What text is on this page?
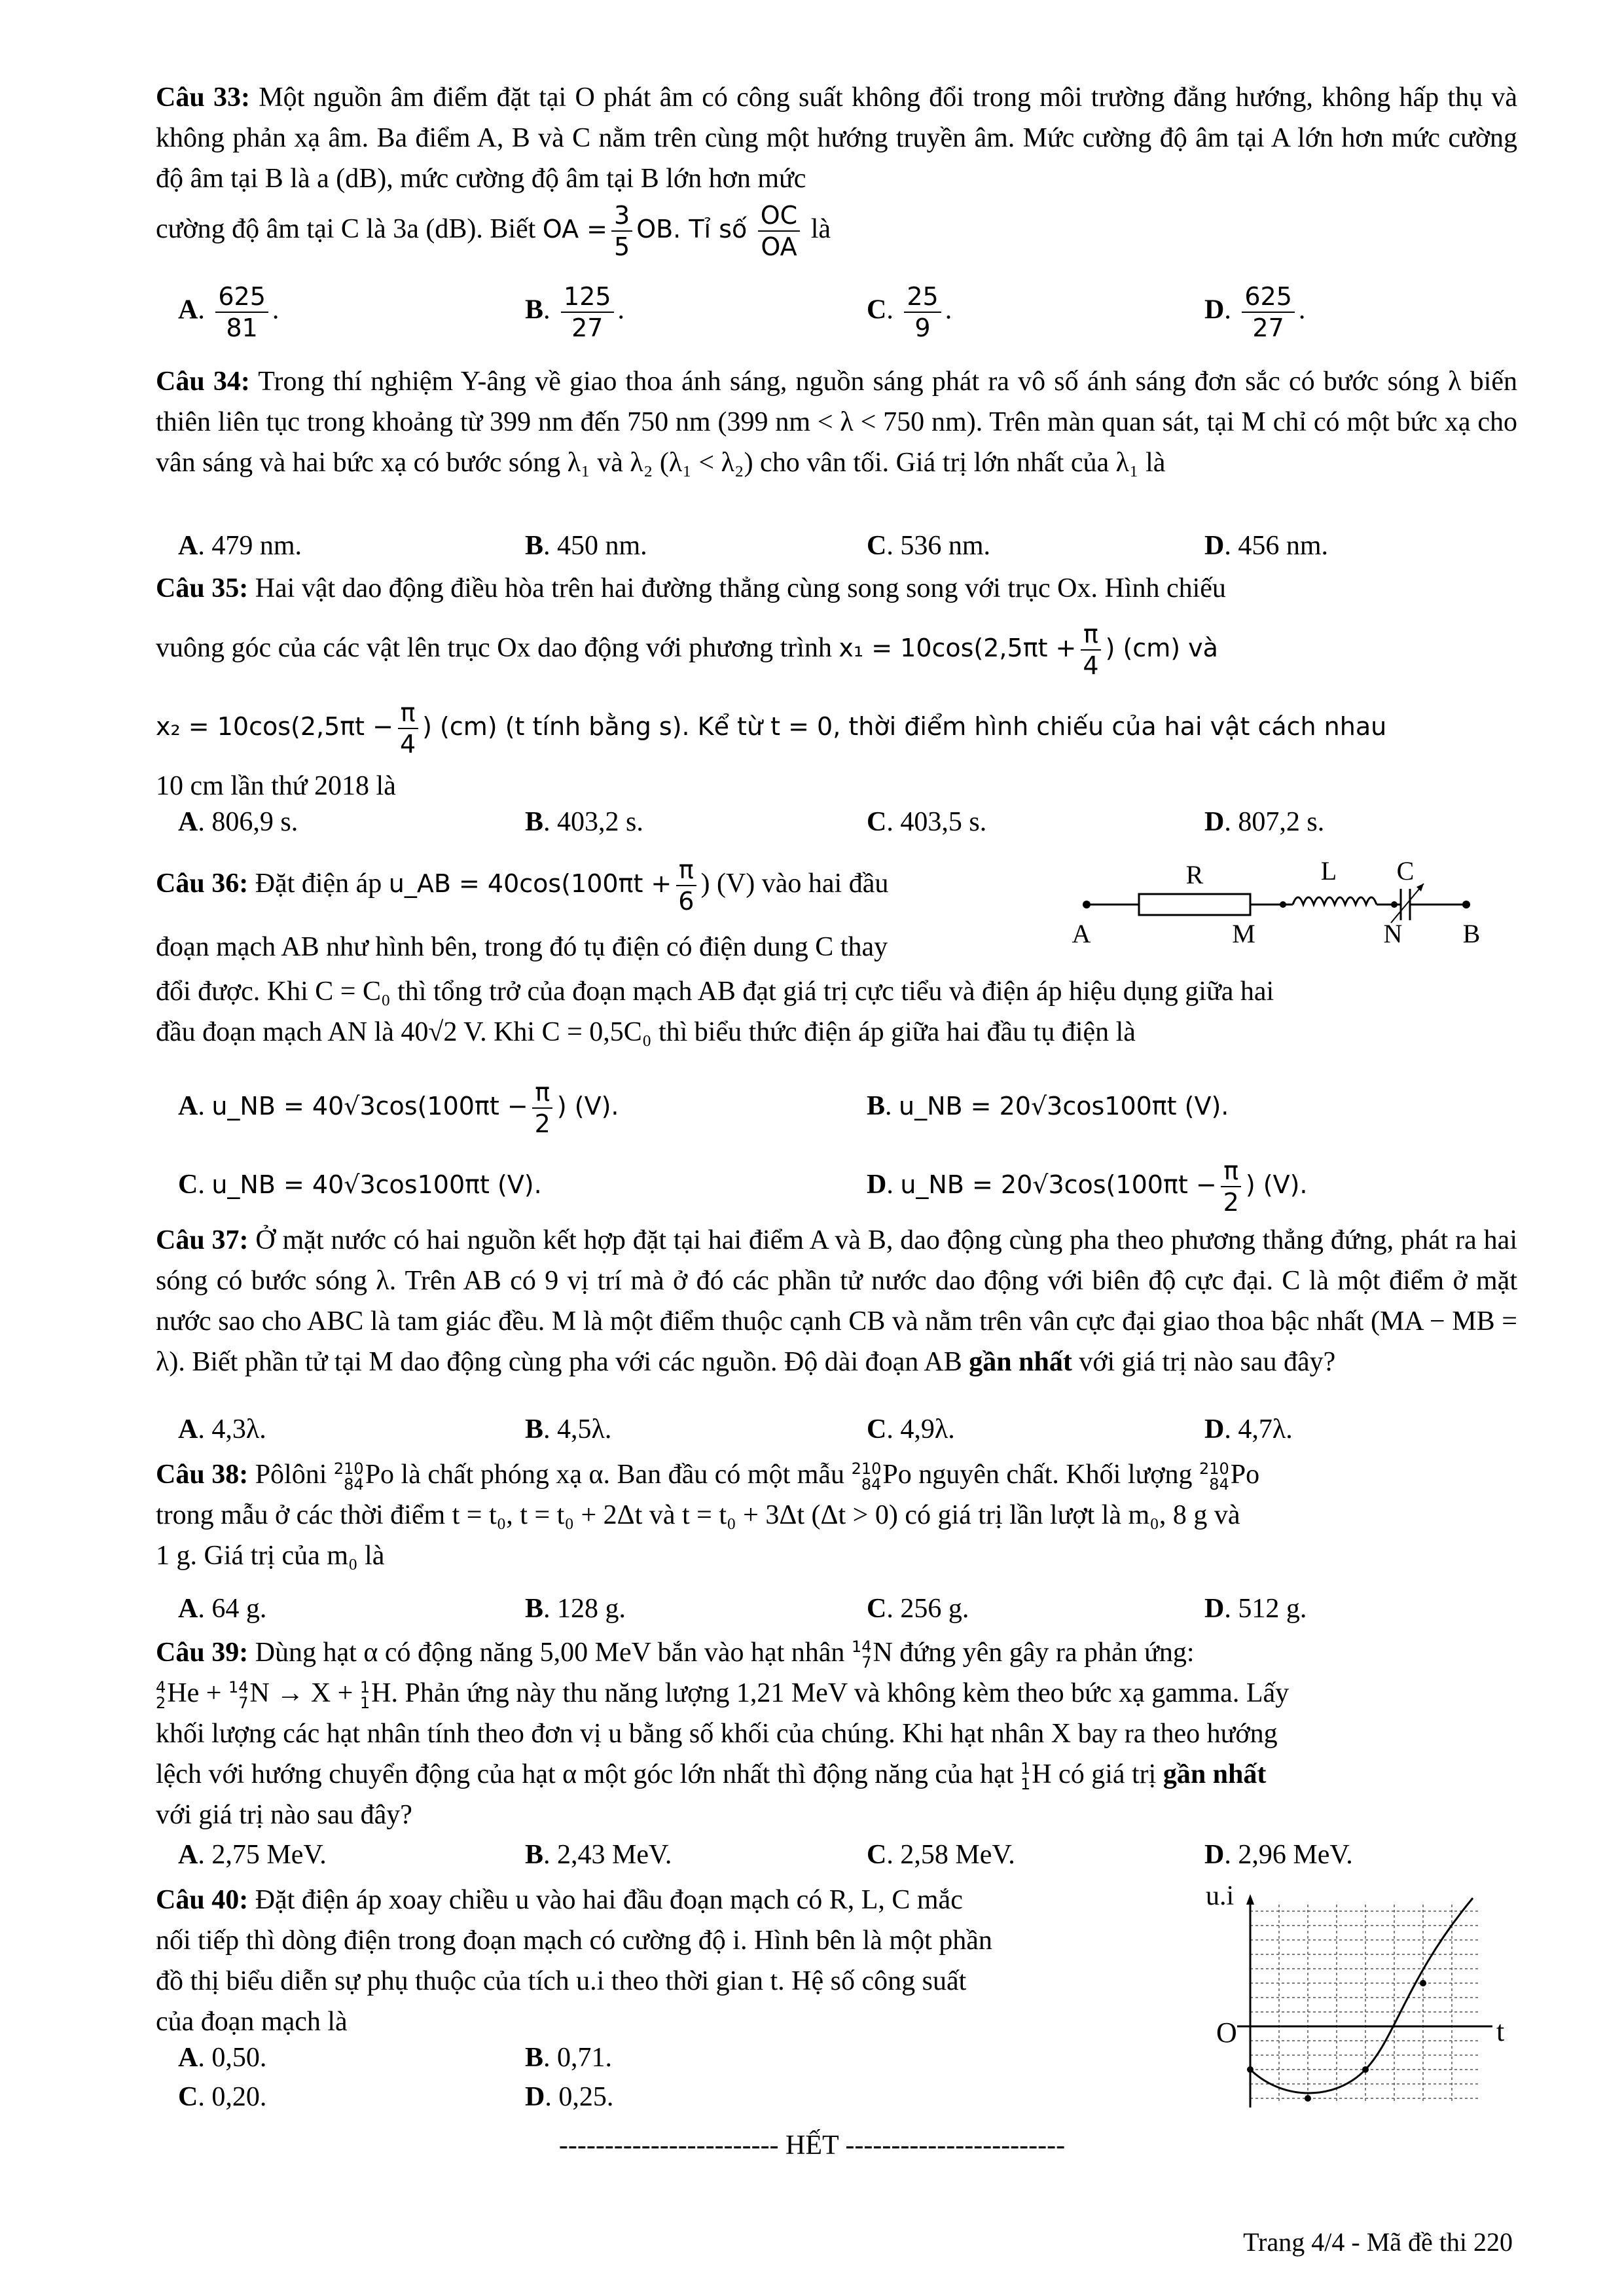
Câu 33: Một nguồn âm điểm đặt tại O phát âm có công suất không đổi trong môi trường đẳng hướng, không hấp thụ và không phản xạ âm. Ba điểm A, B và C nằm trên cùng một hướng truyền âm. Mức cường độ âm tại A lớn hơn mức cường độ âm tại B là a (dB), mức cường độ âm tại B lớn hơn mức
cường độ âm tại C là 3a (dB). Biết OA = $\frac{3}{5}$ OB. Tỉ số $\frac{OC}{OA}$ là
A. $\frac{625}{81}$ .	B. $\frac{125}{27}$ .	C. $\frac{25}{9}$ .	D. $\frac{625}{27}$ .
Câu 34: Trong thí nghiệm Y-âng về giao thoa ánh sáng, nguồn sáng phát ra vô số ánh sáng đơn sắc có bước sóng λ biến thiên liên tục trong khoảng từ 399 nm đến 750 nm (399 nm < λ < 750 nm). Trên màn quan sát, tại M chỉ có một bức xạ cho vân sáng và hai bức xạ có bước sóng λ₁ và λ₂ (λ₁ < λ₂) cho vân tối. Giá trị lớn nhất của λ₁ là
A. 479 nm.	B. 450 nm.	C. 536 nm.	D. 456 nm.
Câu 35: Hai vật dao động điều hòa trên hai đường thẳng cùng song song với trục Ox. Hình chiếu
vuông góc của các vật lên trục Ox dao động với phương trình $x_1 = 10\cos(2,5\pi t + \frac{\pi}{4}$ ) (cm) và
$x_2 = 10\cos(2,5\pi t - \frac{\pi}{4}$ ) (cm) (t tính bằng s). Kể từ t = 0, thời điểm hình chiếu của hai vật cách nhau
10 cm lần thứ 2018 là
A. 806,9 s.	B. 403,2 s.	C. 403,5 s.	D. 807,2 s.
Câu 36: Đặt điện áp u_AB = $40\cos(100\pi t + \frac{\pi}{6}$ ) (V) vào hai đầu
đoạn mạch AB như hình bên, trong đó tụ điện có điện dung C thay
đổi được. Khi C = C₀ thì tổng trở của đoạn mạch AB đạt giá trị cực tiểu và điện áp hiệu dụng giữa hai
đầu đoạn mạch AN là 40√2 V. Khi C = 0,5C₀ thì biểu thức điện áp giữa hai đầu tụ điện là
R	L C
A	M	N B
A. u_NB = $40√3\cos(100\pi t - \frac{\pi}{2}$ ) (V).	B. u_NB = 20√3cos100πt (V).
C. u_NB = 40√3cos100πt (V).	D. u_NB = $20√3\cos(100\pi t - \frac{\pi}{2}$ ) (V).
Câu 37: Ở mặt nước có hai nguồn kết hợp đặt tại hai điểm A và B, dao động cùng pha theo phương thẳng đứng, phát ra hai sóng có bước sóng λ. Trên AB có 9 vị trí mà ở đó các phần tử nước dao động với biên độ cực đại. C là một điểm ở mặt nước sao cho ABC là tam giác đều. M là một điểm thuộc cạnh CB và nằm trên vân cực đại giao thoa bậc nhất (MA − MB = λ). Biết phần tử tại M dao động cùng pha với các nguồn. Độ dài đoạn AB gần nhất với giá trị nào sau đây?
A. 4,3λ.	B. 4,5λ.	C. 4,9λ.	D. 4,7λ.
Câu 38: Pôlôni 210
84 Po là chất phóng xạ α. Ban đầu có một mẫu 210
84 Po nguyên chất. Khối lượng 210
84 Po
trong mẫu ở các thời điểm t = t₀, t = t₀ + 2Δt và t = t₀ + 3Δt (Δt > 0) có giá trị lần lượt là m₀, 8 g và
1 g. Giá trị của m₀ là
A. 64 g.	B. 128 g.	C. 256 g.	D. 512 g.
Câu 39: Dùng hạt α có động năng 5,00 MeV bắn vào hạt nhân 14
7 N đứng yên gây ra phản ứng:

4
2 He + 14
7 N → X + 1
1 H. Phản ứng này thu năng lượng 1,21 MeV và không kèm theo bức xạ gamma. Lấy
khối lượng các hạt nhân tính theo đơn vị u bằng số khối của chúng. Khi hạt nhân X bay ra theo hướng
lệch với hướng chuyển động của hạt α một góc lớn nhất thì động năng của hạt 1
1 H có giá trị gần nhất
với giá trị nào sau đây?
A. 2,75 MeV.	B. 2,43 MeV.	C. 2,58 MeV.	D. 2,96 MeV.
Câu 40: Đặt điện áp xoay chiều u vào hai đầu đoạn mạch có R, L, C mắc
nối tiếp thì dòng điện trong đoạn mạch có cường độ i. Hình bên là một phần
đồ thị biểu diễn sự phụ thuộc của tích u.i theo thời gian t. Hệ số công suất
của đoạn mạch là
A. 0,50.	B. 0,71.
C. 0,20.	D. 0,25.
u.i
t
O
------------------------ HẾT ------------------------
Trang 4/4 - Mã đề thi 220
